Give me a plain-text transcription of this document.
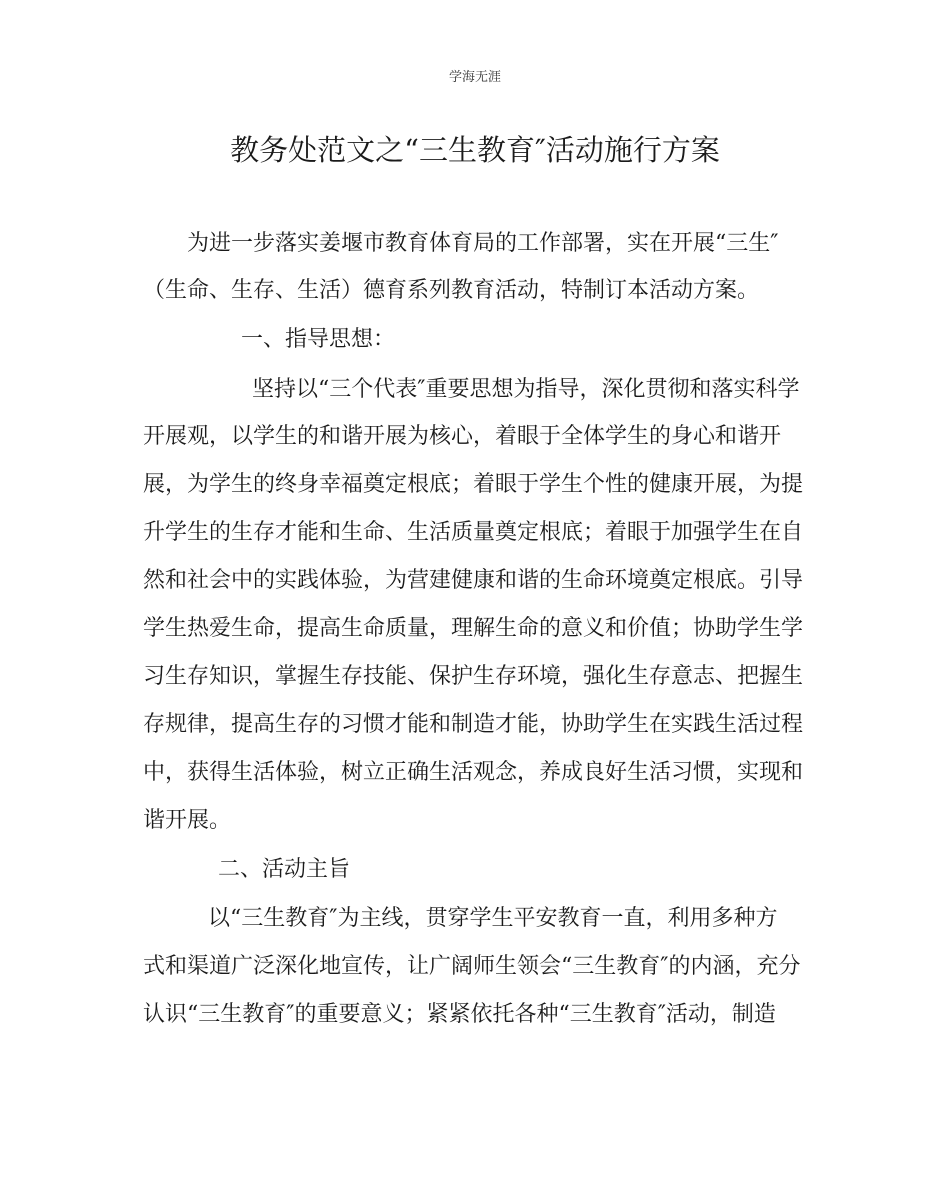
学海无涯
教务处范文之“三生教育″活动施行方案

为进一步落实姜堰市教育体育局的工作部署，实在开展“三生″

（生命、生存、生活）德育系列教育活动，特制订本活动方案。

一、指导思想：

坚持以“三个代表″重要思想为指导，深化贯彻和落实科学

开展观，以学生的和谐开展为核心，着眼于全体学生的身心和谐开

展，为学生的终身幸福奠定根底；着眼于学生个性的健康开展，为提

升学生的生存才能和生命、生活质量奠定根底；着眼于加强学生在自

然和社会中的实践体验，为营建健康和谐的生命环境奠定根底。引导

学生热爱生命，提高生命质量，理解生命的意义和价值；协助学生学

习生存知识，掌握生存技能、保护生存环境，强化生存意志、把握生

存规律，提高生存的习惯才能和制造才能，协助学生在实践生活过程

中，获得生活体验，树立正确生活观念，养成良好生活习惯，实现和

谐开展。

二、活动主旨

以“三生教育″为主线，贯穿学生平安教育一直，利用多种方

式和渠道广泛深化地宣传，让广阔师生领会“三生教育″的内涵，充分

认识“三生教育″的重要意义；紧紧依托各种“三生教育″活动，制造
